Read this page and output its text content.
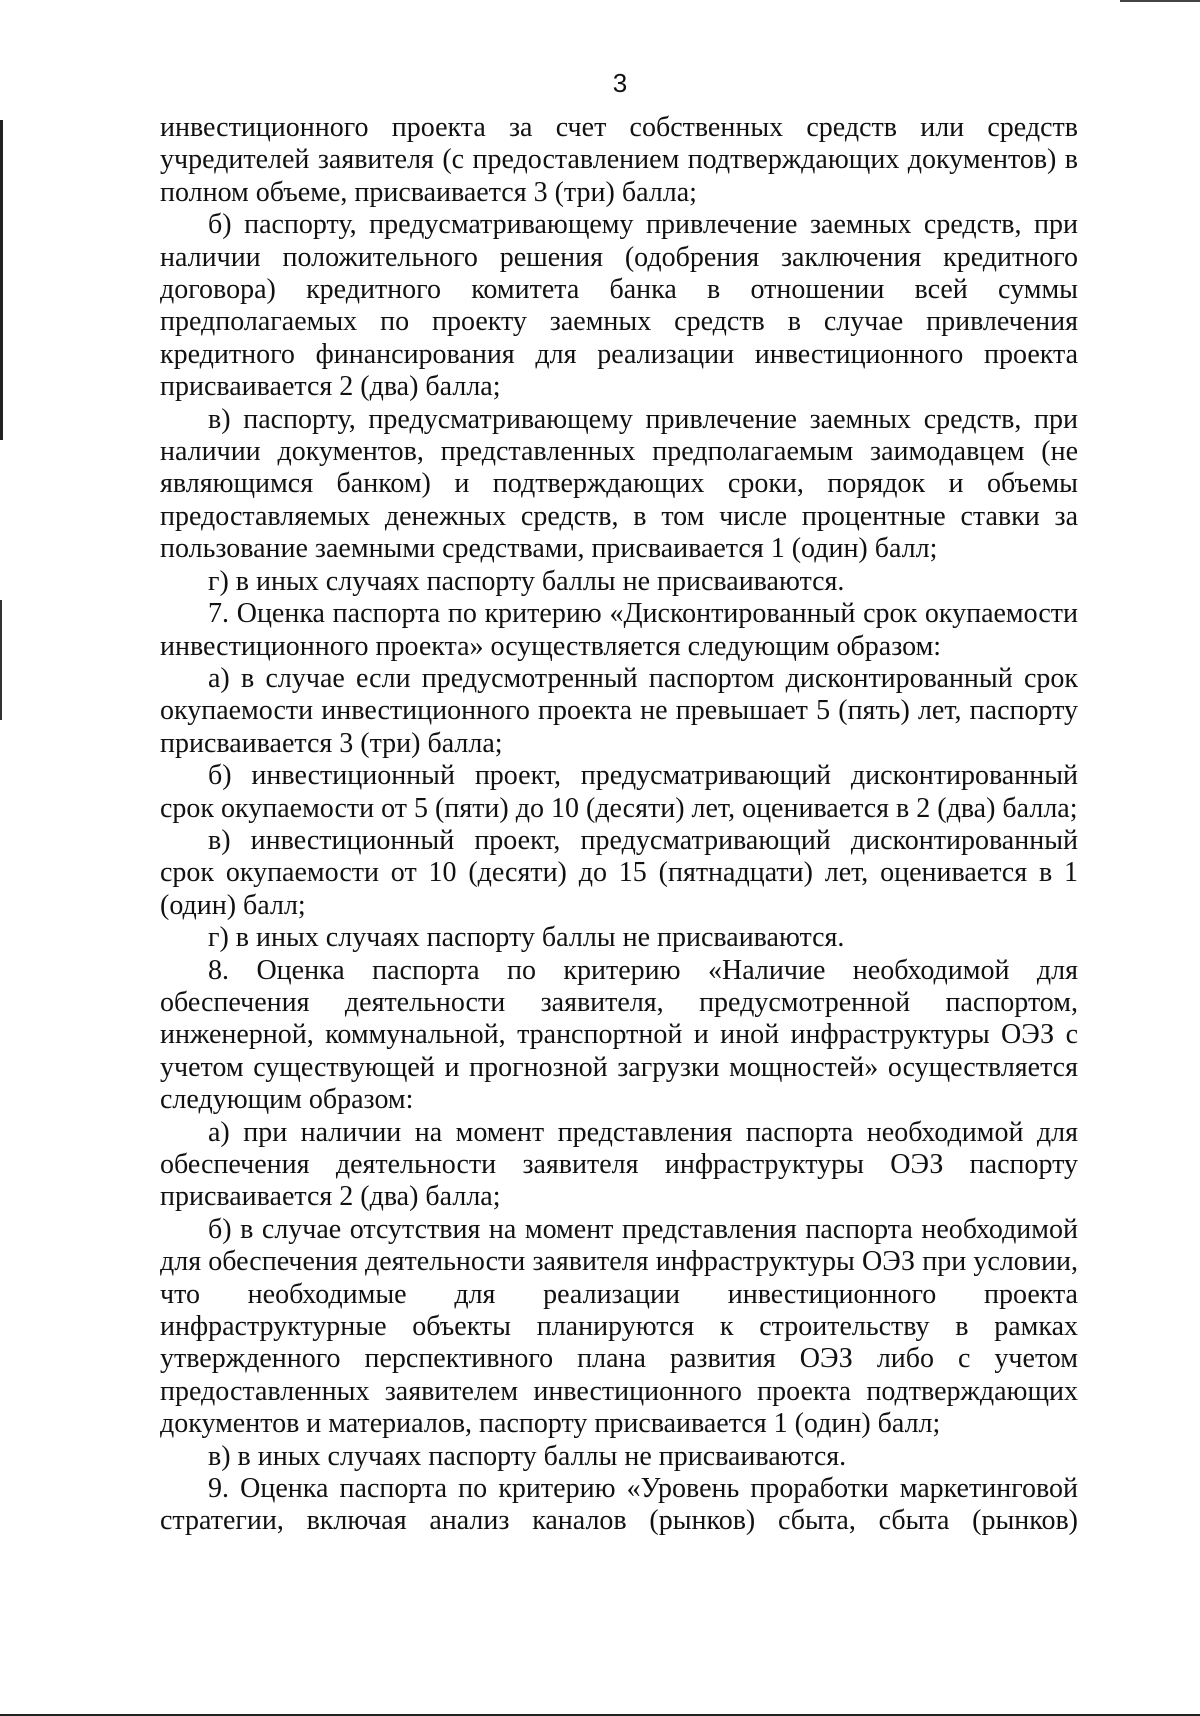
3

инвестиционного проекта за счет собственных средств или средств учредителей заявителя (с предоставлением подтверждающих документов) в полном объеме, присваивается 3 (три) балла;

б) паспорту, предусматривающему привлечение заемных средств, при наличии положительного решения (одобрения заключения кредитного договора) кредитного комитета банка в отношении всей суммы предполагаемых по проекту заемных средств в случае привлечения кредитного финансирования для реализации инвестиционного проекта присваивается 2 (два) балла;

в) паспорту, предусматривающему привлечение заемных средств, при наличии документов, представленных предполагаемым заимодавцем (не являющимся банком) и подтверждающих сроки, порядок и объемы предоставляемых денежных средств, в том числе процентные ставки за пользование заемными средствами, присваивается 1 (один) балл;

г) в иных случаях паспорту баллы не присваиваются.

7. Оценка паспорта по критерию «Дисконтированный срок окупаемости инвестиционного проекта» осуществляется следующим образом:

а) в случае если предусмотренный паспортом дисконтированный срок окупаемости инвестиционного проекта не превышает 5 (пять) лет, паспорту присваивается 3 (три) балла;

б) инвестиционный проект, предусматривающий дисконтированный срок окупаемости от 5 (пяти) до 10 (десяти) лет, оценивается в 2 (два) балла;

в) инвестиционный проект, предусматривающий дисконтированный срок окупаемости от 10 (десяти) до 15 (пятнадцати) лет, оценивается в 1 (один) балл;

г) в иных случаях паспорту баллы не присваиваются.

8. Оценка паспорта по критерию «Наличие необходимой для обеспечения деятельности заявителя, предусмотренной паспортом, инженерной, коммунальной, транспортной и иной инфраструктуры ОЭЗ с учетом существующей и прогнозной загрузки мощностей» осуществляется следующим образом:

а) при наличии на момент представления паспорта необходимой для обеспечения деятельности заявителя инфраструктуры ОЭЗ паспорту присваивается 2 (два) балла;

б) в случае отсутствия на момент представления паспорта необходимой для обеспечения деятельности заявителя инфраструктуры ОЭЗ при условии, что необходимые для реализации инвестиционного проекта инфраструктурные объекты планируются к строительству в рамках утвержденного перспективного плана развития ОЭЗ либо с учетом предоставленных заявителем инвестиционного проекта подтверждающих документов и материалов, паспорту присваивается 1 (один) балл;

в) в иных случаях паспорту баллы не присваиваются.

9. Оценка паспорта по критерию «Уровень проработки маркетинговой стратегии, включая анализ каналов (рынков) сбыта, сбыта (рынков)
